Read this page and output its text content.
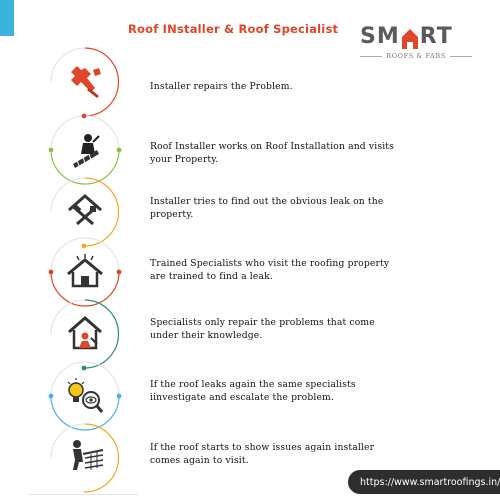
Roof INstaller & Roof Specialist SM RT
ROOFS & FABS
Installer repairs the Problem.
Roof Installer works on Roof Installation and visits your Property.
Installer tries to find out the obvious leak on the property.
Trained Specialists who visit the roofing property are trained to find a leak.
Specialists only repair the problems that come under their knowledge.
If the roof leaks again the same specialists iinvestigate and escalate the problem.
If the roof starts to show issues again installer comes again to visit.
https://www.smartroofings.in/
